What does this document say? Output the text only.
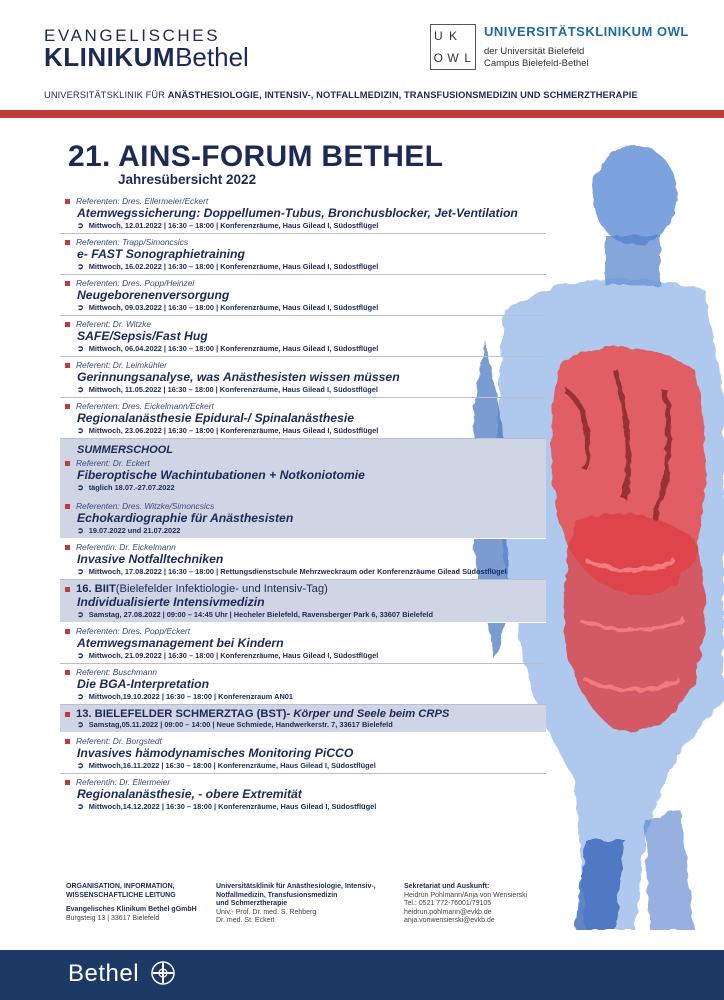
EVANGELISCHES
KLINIKUMBethel
U K
O W L
UNIVERSITÄTSKLINIKUM OWL
der Universität Bielefeld
Campus Bielefeld-Bethel
UNIVERSITÄTSKLINIK FÜR ANÄSTHESIOLOGIE, INTENSIV-, NOTFALLMEDIZIN, TRANSFUSIONSMEDIZIN UND SCHMERZTHERAPIE
21. AINS-FORUM BETHEL
Jahresübersicht 2022
Referenten: Dres. Ellermeier/Eckert
Atemwegssicherung: Doppellumen-Tubus, Bronchusblocker, Jet-Ventilation
➲ Mittwoch, 12.01.2022 | 16:30 – 18:00 | Konferenzräume, Haus Gilead I, Südostflügel
Referenten: Trapp/Simoncsics
e- FAST Sonographietraining
➲ Mittwoch, 16.02.2022 | 16:30 – 18:00 | Konferenzräume, Haus Gilead I, Südostflügel
Referenten: Dres. Popp/Heinzel
Neugeborenenversorgung
➲ Mittwoch, 09.03.2022 | 16:30 – 18:00 | Konferenzräume, Haus Gilead I, Südostflügel
Referent: Dr. Witzke
SAFE/Sepsis/Fast Hug
➲ Mittwoch, 06.04.2022 | 16:30 – 18:00 | Konferenzräume, Haus Gilead I, Südostflügel
Referent: Dr. Leimkühler
Gerinnungsanalyse, was Anästhesisten wissen müssen
➲ Mittwoch, 11.05.2022 | 16:30 – 18:00 | Konferenzräume, Haus Gilead I, Südostflügel
Referenten: Dres. Eickelmann/Eckert
Regionalanästhesie Epidural-/ Spinalanästhesie
➲ Mittwoch, 23.06.2022 | 16:30 – 18:00 | Konferenzräume, Haus Gilead I, Südostflügel
SUMMERSCHOOL
Referent: Dr. Eckert
Fiberoptische Wachintubationen + Notkoniotomie
➲ täglich 18.07.-27.07.2022
Referenten: Dres. Witzke/Simoncsics
Echokardiographie für Anästhesisten
➲ 19.07.2022 und 21.07.2022
Referentin: Dr. Eickelmann
Invasive Notfalltechniken
➲ Mittwoch, 17.08.2022 | 16:30 – 18:00 | Rettungsdienstschule Mehrzweckraum oder Konferenzräume Gilead Südostflügel
16. BIIT (Bielefelder Infektiologie- und Intensiv-Tag)
Individualisierte Intensivmedizin
➲ Samstag, 27.08.2022 | 09:00 – 14:45 Uhr | Hecheler Bielefeld, Ravensberger Park 6, 33607 Bielefeld
Referenten: Dres. Popp/Eckert
Atemwegsmanagement bei Kindern
➲ Mittwoch, 21.09.2022 | 16:30 – 18:00 | Konferenzräume, Haus Gilead I, Südostflügel
Referent: Buschmann
Die BGA-Interpretation
➲ Mittwoch,19.10.2022 | 16:30 – 18:00 | Konferenzraum AN01
13. BIELEFELDER SCHMERZTAG (BST) - Körper und Seele beim CRPS
➲ Samstag,05.11.2022 | 09:00 – 14:00 | Neue Schmiede, Handwerkerstr. 7, 33617 Bielefeld
Referent: Dr. Borgstedt
Invasives hämodynamisches Monitoring PiCCO
➲ Mittwoch,16.11.2022 | 16:30 – 18:00 | Konferenzräume, Haus Gilead I, Südostflügel
Referentin: Dr. Ellermeier
Regionalanästhesie, - obere Extremität
➲ Mittwoch,14.12.2022 | 16:30 – 18:00 | Konferenzräume, Haus Gilead I, Südostflügel
ORGANISATION, INFORMATION,
WISSENSCHAFTLICHE LEITUNG
Evangelisches Klinikum Bethel gGmbH
Burgsteig 13 | 33617 Bielefeld
Universitätsklinik für Anästhesiologie, Intensiv-,
Notfallmedizin, Transfusionsmedizin
und Schmerztherapie
Univ.- Prof. Dr. med. S. Rehberg
Dr. med. St. Eckert
Sekretariat und Auskunft:
Heidrun Pohlmann/Anja von Wensierski
Tel.: 0521 772-76001/79105
heidrun.pohlmann@evkb.de
anja.vonwensierski@evkb.de
Bethel
